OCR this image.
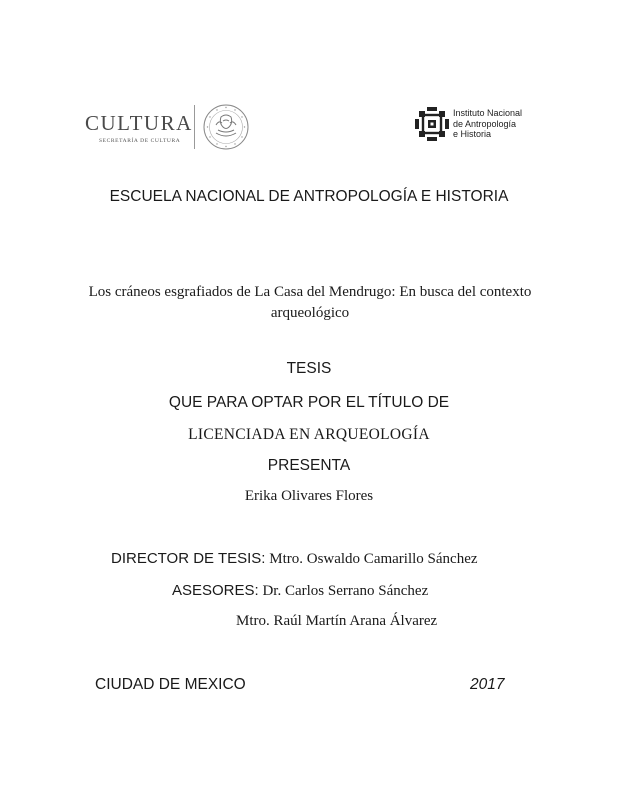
CULTURA
SECRETARÍA DE CULTURA
Instituto Nacional
de Antropología
e Historia
ESCUELA NACIONAL DE ANTROPOLOGÍA E HISTORIA
Los cráneos esgrafiados de La Casa del Mendrugo: En busca del contexto arqueológico
TESIS
QUE PARA OPTAR POR EL TÍTULO DE
LICENCIADA EN ARQUEOLOGÍA
PRESENTA
Erika Olivares Flores
DIRECTOR DE TESIS: Mtro. Oswaldo Camarillo Sánchez
ASESORES: Dr. Carlos Serrano Sánchez
Mtro. Raúl Martín Arana Álvarez
CIUDAD DE MEXICO	2017
